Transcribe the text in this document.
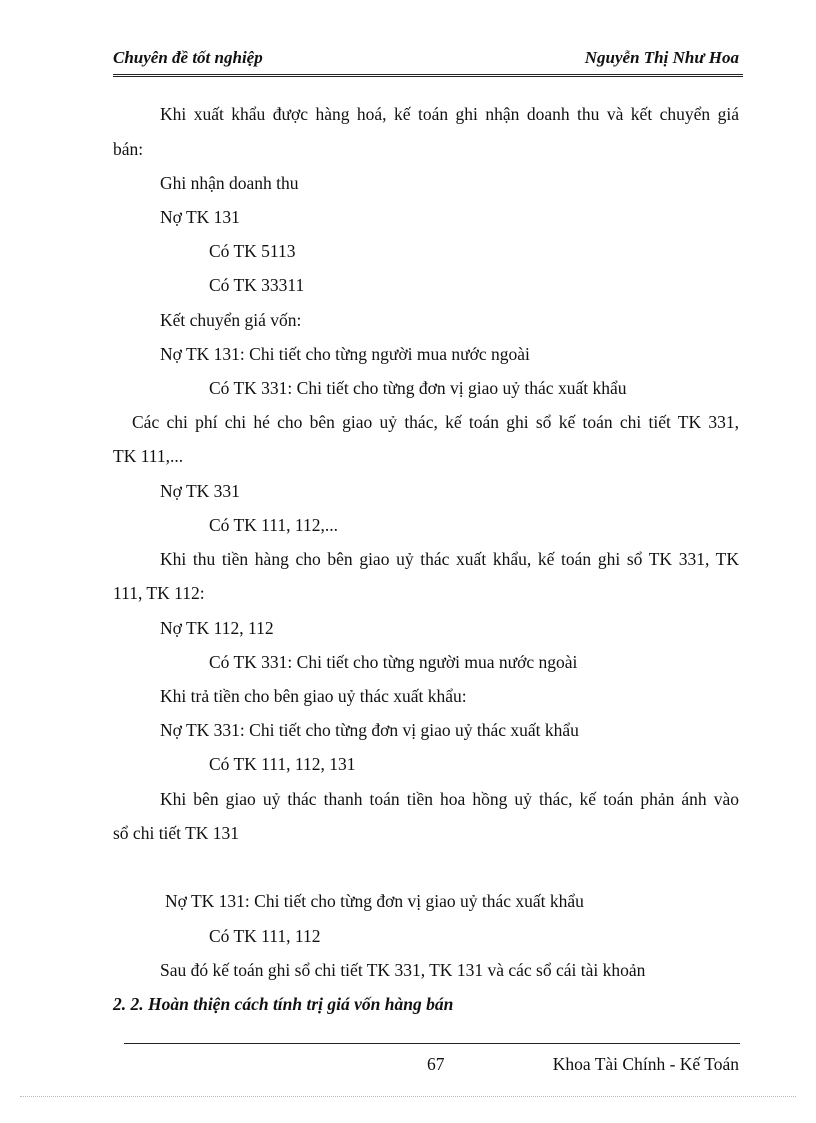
Chuyên đề tốt nghiệp	Nguyễn Thị Như Hoa
Khi xuất khẩu được hàng hoá, kế toán ghi nhận doanh thu và kết chuyển giá
bán:
Ghi nhận doanh thu
Nợ TK 131
Có TK 5113
Có TK 33311
Kết chuyển giá vốn:
Nợ TK 131: Chi tiết cho từng người mua nước ngoài
Có TK 331: Chi tiết cho từng đơn vị giao uỷ thác xuất khẩu
Các chi phí chi hé cho bên giao uỷ thác, kế toán ghi sổ kế toán chi tiết TK 331,
TK 111,...
Nợ TK 331
Có TK 111, 112,...
Khi thu tiền hàng cho bên giao uỷ thác xuất khẩu, kế toán ghi sổ TK 331, TK
111, TK 112:
Nợ TK 112, 112
Có TK 331: Chi tiết cho từng người mua nước ngoài
Khi trả tiền cho bên giao uỷ thác xuất khẩu:
Nợ TK 331: Chi tiết cho từng đơn vị giao uỷ thác xuất khẩu
Có TK 111, 112, 131
Khi bên giao uỷ thác thanh toán tiền hoa hồng uỷ thác, kế toán phản ánh vào
sổ chi tiết TK 131
Nợ TK 131: Chi tiết cho từng đơn vị giao uỷ thác xuất khẩu
Có TK 111, 112
Sau đó kế toán ghi sổ chi tiết TK 331, TK 131 và các sổ cái tài khoản
2. 2. Hoàn thiện cách tính trị giá vốn hàng bán
67	Khoa Tài Chính - Kế Toán
